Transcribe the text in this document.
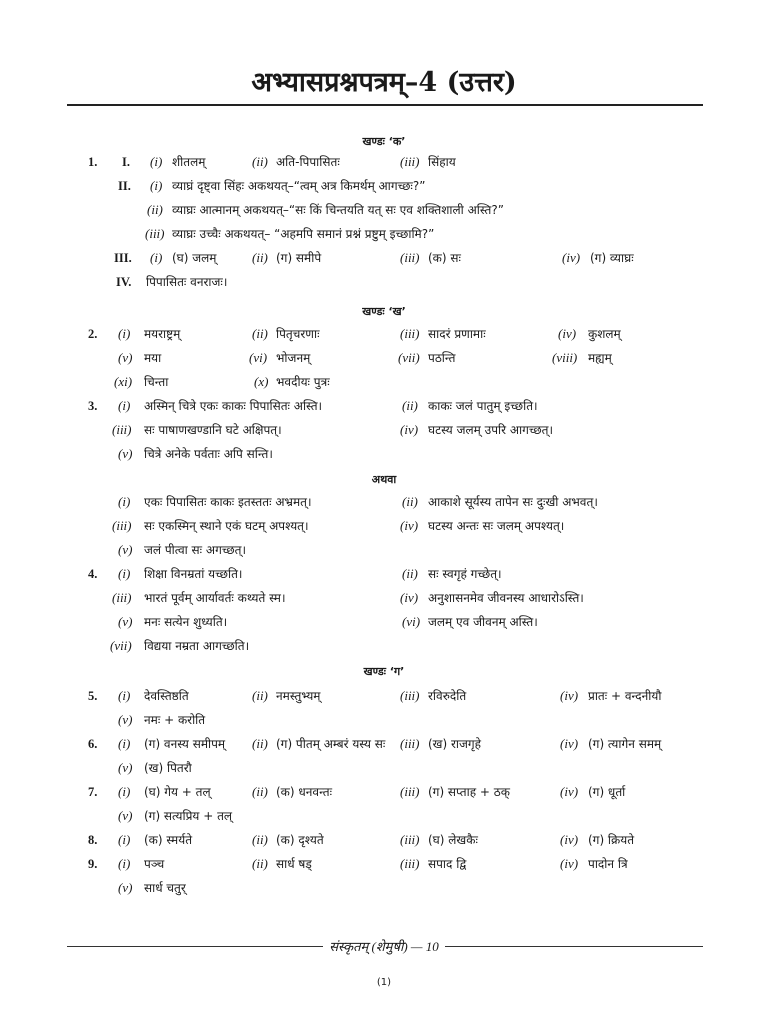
अभ्यासप्रश्नपत्रम्–4 (उत्तर)
खण्डः ‘क’
खण्डः ‘ख’
अथवा
खण्डः ‘ग’
1. I. (i) शीतलम्	(ii) अति-पिपासितः	(iii) सिंहाय
II. (i) व्याघ्रं दृष्ट्वा सिंहः अकथयत्–“त्वम् अत्र किमर्थम् आगच्छः?”
(ii) व्याघ्रः आत्मानम् अकथयत्–“सः किं चिन्तयति यत् सः एव शक्तिशाली अस्ति?”
(iii) व्याघ्रः उच्चैः अकथयत्– “अहमपि समानं प्रश्नं प्रष्टुम् इच्छामि?”
III. (i) (घ) जलम्	(ii) (ग) समीपे	(iii) (क) सः	(iv) (ग) व्याघ्रः
IV. पिपासितः वनराजः।
2. (i) मयराष्ट्रम्	(ii) पितृचरणाः	(iii) सादरं प्रणामाः	(iv) कुशलम्
(v) मया	(vi) भोजनम्	(vii) पठन्ति	(viii) मह्यम्
(xi) चिन्ता	(x) भवदीयः पुत्रः
3. (i) अस्मिन् चित्रे एकः काकः पिपासितः अस्ति।	(ii) काकः जलं पातुम् इच्छति।
(iii) सः पाषाणखण्डानि घटे अक्षिपत्।	(iv) घटस्य जलम् उपरि आगच्छत्।
(v) चित्रे अनेके पर्वताः अपि सन्ति।
(i) एकः पिपासितः काकः इतस्ततः अभ्रमत्।	(ii) आकाशे सूर्यस्य तापेन सः दुःखी अभवत्।
(iii) सः एकस्मिन् स्थाने एकं घटम् अपश्यत्।	(iv) घटस्य अन्तः सः जलम् अपश्यत्।
(v) जलं पीत्वा सः अगच्छत्।
4. (i) शिक्षा विनम्रतां यच्छति।	(ii) सः स्वगृहं गच्छेत्।
(iii) भारतं पूर्वम् आर्यावर्तः कथ्यते स्म।	(iv) अनुशासनमेव जीवनस्य आधारोऽस्ति।
(v) मनः सत्येन शुध्यति।	(vi) जलम् एव जीवनम् अस्ति।
(vii) विद्यया नम्रता आगच्छति।
5. (i) देवस्तिष्ठति	(ii) नमस्तुभ्यम्	(iii) रविरुदेति	(iv) प्रातः + वन्दनीयौ
(v) नमः + करोति
6. (i) (ग) वनस्य समीपम् (ii) (ग) पीतम् अम्बरं यस्य सः (iii) (ख) राजगृहे	(iv) (ग) त्यागेन समम्
(v) (ख) पितरौ
7. (i) (घ) गेय + तल्	(ii) (क) धनवन्तः	(iii) (ग) सप्ताह + ठक्	(iv) (ग) धूर्ता
(v) (ग) सत्यप्रिय + तल्
8. (i) (क) स्मर्यते	(ii) (क) दृश्यते	(iii) (घ) लेखकैः	(iv) (ग) क्रियते
9. (i) पञ्च	(ii) सार्ध षड्	(iii) सपाद द्वि	(iv) पादोन त्रि
(v) सार्ध चतुर्
संस्कृतम् (शेमुषी) — 10
(1)
